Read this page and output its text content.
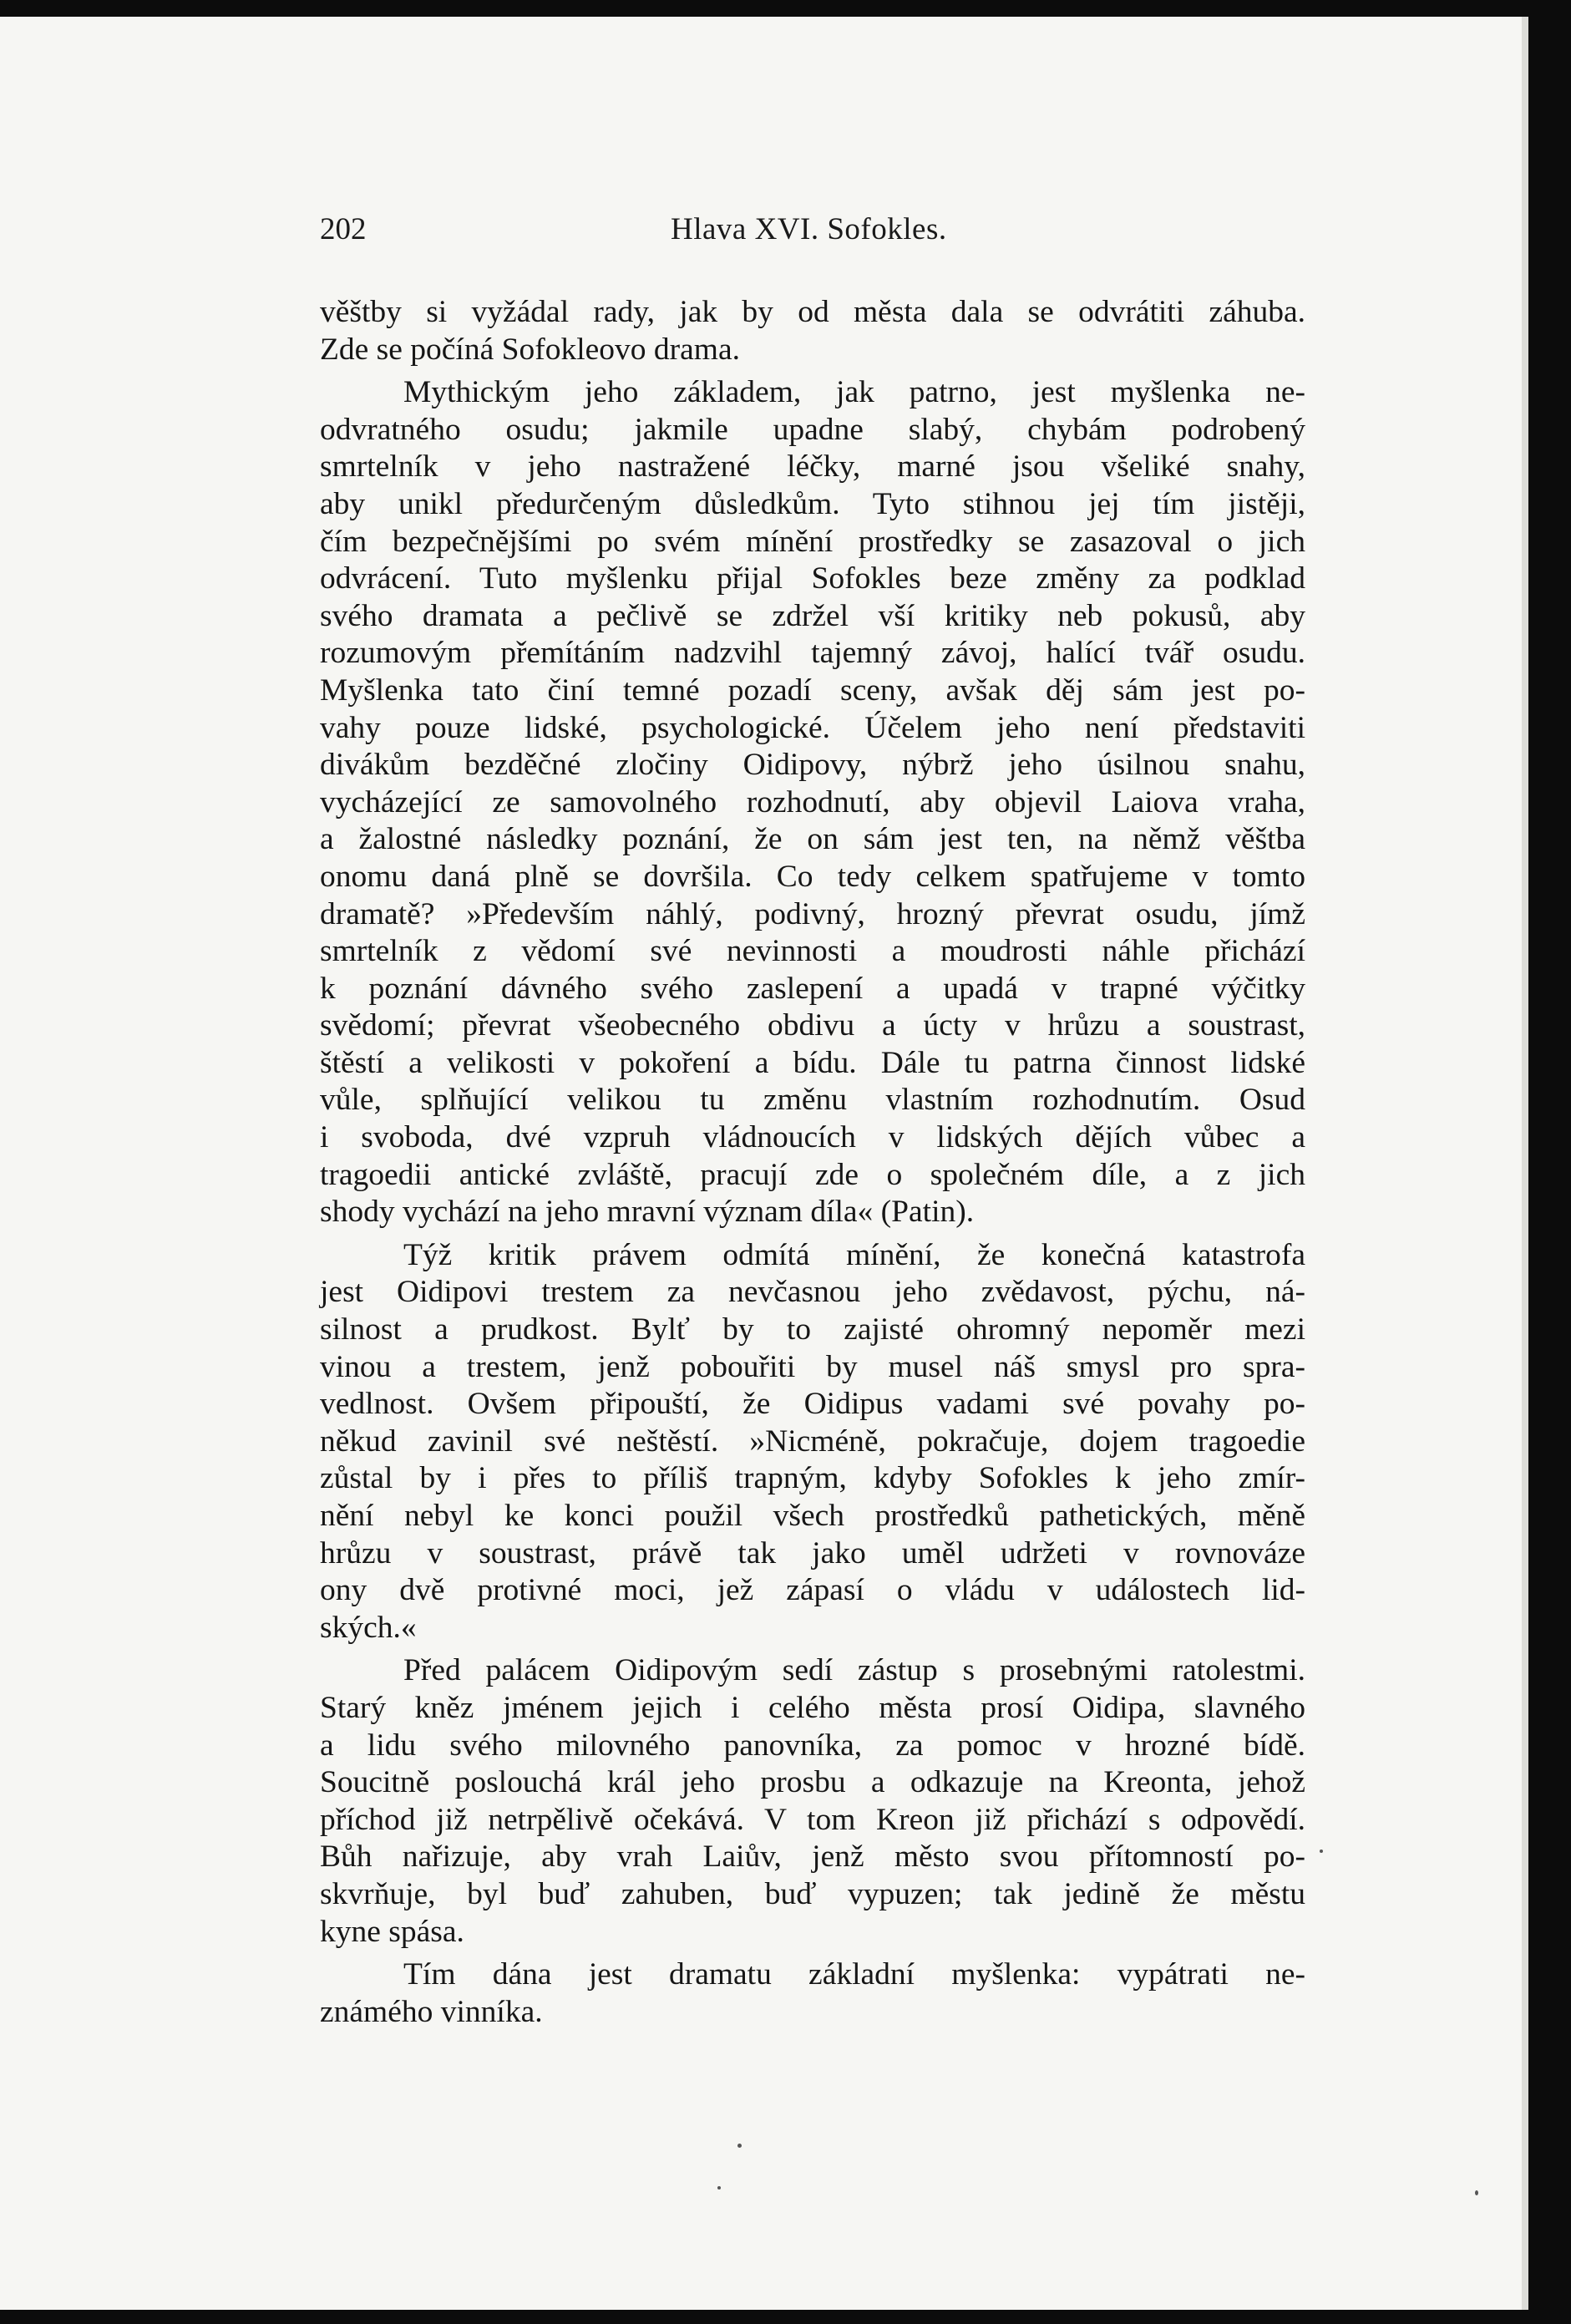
202	Hlava XVI. Sofokles.
věštby si vyžádal rady, jak by od města dala se odvrátiti záhuba.
Zde se počíná Sofokleovo drama.
Mythickým jeho základem, jak patrno, jest myšlenka ne-
odvratného osudu; jakmile upadne slabý, chybám podrobený
smrtelník v jeho nastražené léčky, marné jsou všeliké snahy,
aby unikl předurčeným důsledkům. Tyto stihnou jej tím jistěji,
čím bezpečnějšími po svém mínění prostředky se zasazoval o jich
odvrácení. Tuto myšlenku přijal Sofokles beze změny za podklad
svého dramata a pečlivě se zdržel vší kritiky neb pokusů, aby
rozumovým přemítáním nadzvihl tajemný závoj, halící tvář osudu.
Myšlenka tato činí temné pozadí sceny, avšak děj sám jest po-
vahy pouze lidské, psychologické. Účelem jeho není představiti
divákům bezděčné zločiny Oidipovy, nýbrž jeho úsilnou snahu,
vycházející ze samovolného rozhodnutí, aby objevil Laiova vraha,
a žalostné následky poznání, že on sám jest ten, na němž věštba
onomu daná plně se dovršila. Co tedy celkem spatřujeme v tomto
dramatě? »Především náhlý, podivný, hrozný převrat osudu, jímž
smrtelník z vědomí své nevinnosti a moudrosti náhle přichází
k poznání dávného svého zaslepení a upadá v trapné výčitky
svědomí; převrat všeobecného obdivu a úcty v hrůzu a soustrast,
štěstí a velikosti v pokoření a bídu. Dále tu patrna činnost lidské
vůle, splňující velikou tu změnu vlastním rozhodnutím. Osud
i svoboda, dvé vzpruh vládnoucích v lidských dějích vůbec a
tragoedii antické zvláště, pracují zde o společném díle, a z jich
shody vychází na jeho mravní význam díla« (Patin).
Týž kritik právem odmítá mínění, že konečná katastrofa
jest Oidipovi trestem za nevčasnou jeho zvědavost, pýchu, ná-
silnost a prudkost. Bylť by to zajisté ohromný nepoměr mezi
vinou a trestem, jenž pobouřiti by musel náš smysl pro spra-
vedlnost. Ovšem připouští, že Oidipus vadami své povahy po-
někud zavinil své neštěstí. »Nicméně, pokračuje, dojem tragoedie
zůstal by i přes to příliš trapným, kdyby Sofokles k jeho zmír-
nění nebyl ke konci použil všech prostředků pathetických, měně
hrůzu v soustrast, právě tak jako uměl udržeti v rovnováze
ony dvě protivné moci, jež zápasí o vládu v událostech lid-
ských.«
Před palácem Oidipovým sedí zástup s prosebnými ratolestmi.
Starý kněz jménem jejich i celého města prosí Oidipa, slavného
a lidu svého milovného panovníka, za pomoc v hrozné bídě.
Soucitně poslouchá král jeho prosbu a odkazuje na Kreonta, jehož
příchod již netrpělivě očekává. V tom Kreon již přichází s odpovědí.
Bůh nařizuje, aby vrah Laiův, jenž město svou přítomností po-
skvrňuje, byl buď zahuben, buď vypuzen; tak jedině že městu
kyne spása.
Tím dána jest dramatu základní myšlenka: vypátrati ne-
známého vinníka.
